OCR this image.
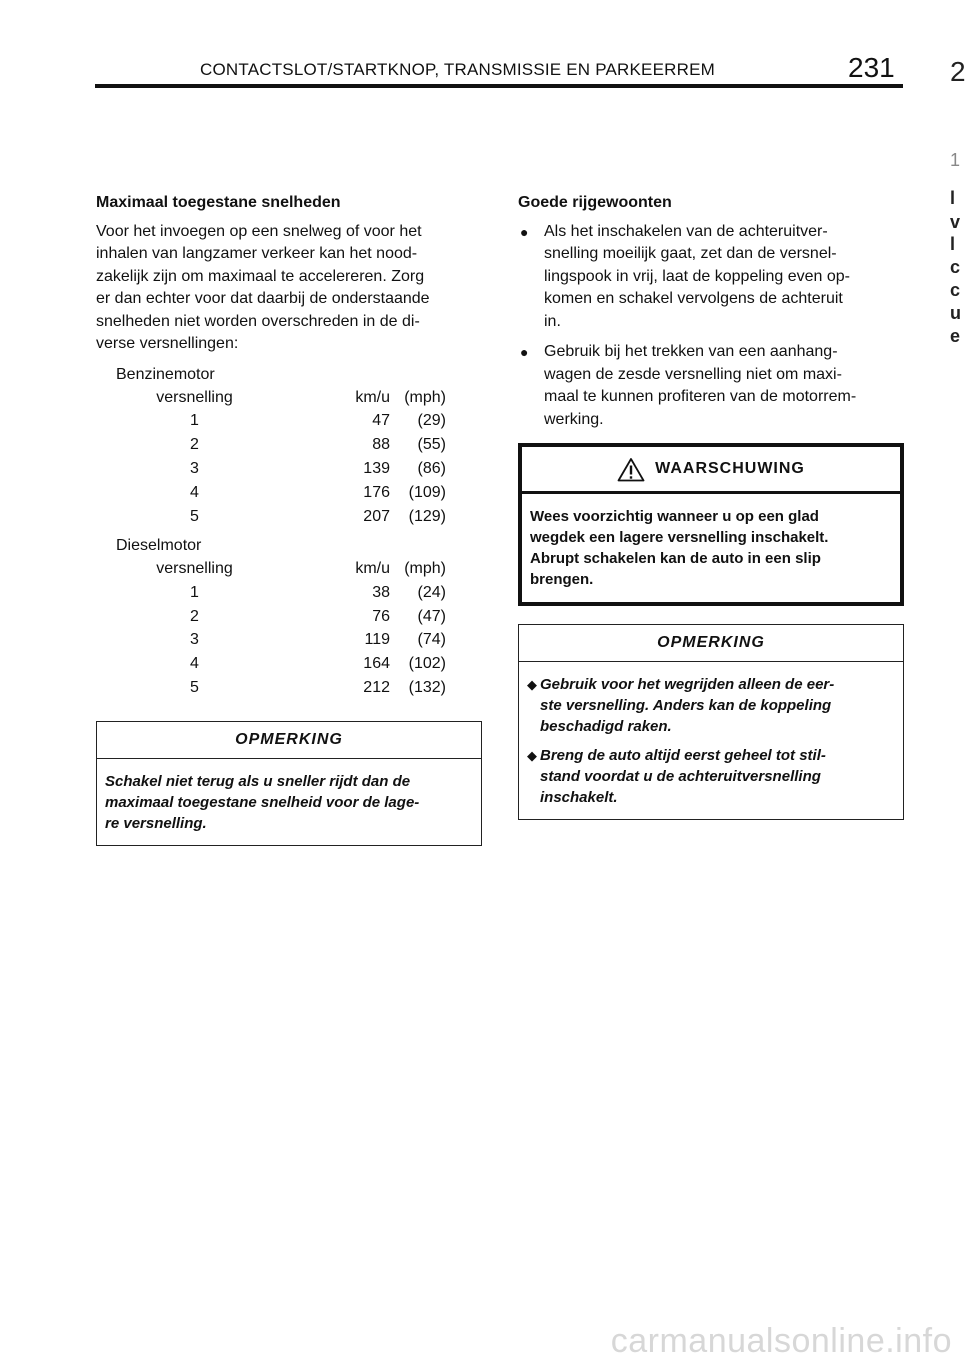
CONTACTSLOT/STARTKNOP, TRANSMISSIE EN PARKEERREM	231 2
1
l
v
l
c
c
u
e
Maximaal toegestane snelheden

Voor het invoegen op een snelweg of voor het
inhalen van langzamer verkeer kan het nood-
zakelijk zijn om maximaal te accelereren. Zorg
er dan echter voor dat daarbij de onderstaande
snelheden niet worden overschreden in de di-
verse versnellingen:

Benzinemotor
versnelling	km/u (mph)
1	47	(29)
2	88	(55)
3	139	(86)
4	176	(109)
5	207	(129)
Dieselmotor
versnelling	km/u (mph)
1	38	(24)
2	76	(47)
3	119	(74)
4	164	(102)
5	212	(132)
OPMERKING
Schakel niet terug als u sneller rijdt dan de
maximaal toegestane snelheid voor de lage-
re versnelling.
Goede rijgewoonten
● Als het inschakelen van de achteruitver-
snelling moeilijk gaat, zet dan de versnel-
lingspook in vrij, laat de koppeling even op-
komen en schakel vervolgens de achteruit
in.
● Gebruik bij het trekken van een aanhang-
wagen de zesde versnelling niet om maxi-
maal te kunnen profiteren van de motorrem-
werking.
WAARSCHUWING
Wees voorzichtig wanneer u op een glad
wegdek een lagere versnelling inschakelt.
Abrupt schakelen kan de auto in een slip
brengen.
OPMERKING
◆ Gebruik voor het wegrijden alleen de eer-
ste versnelling. Anders kan de koppeling
beschadigd raken.
◆ Breng de auto altijd eerst geheel tot stil-
stand voordat u de achteruitversnelling
inschakelt.
carmanualsonline.info
